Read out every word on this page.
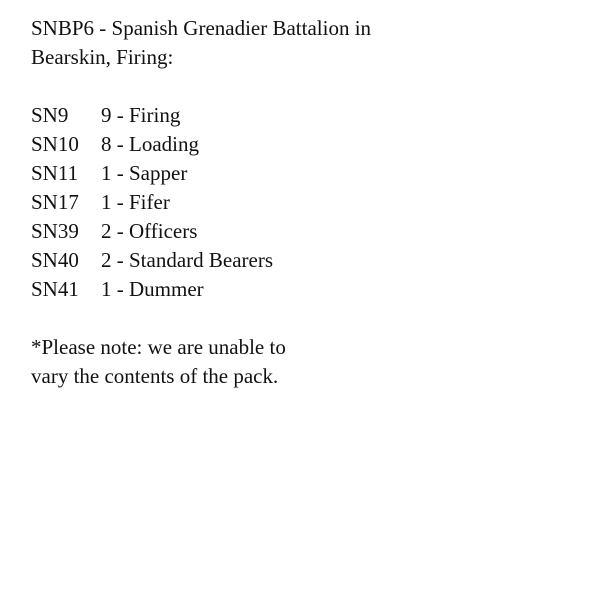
SNBP6 - Spanish Grenadier Battalion in
Bearskin, Firing:
SN9	9 - Firing
SN10	8 - Loading
SN11	1 - Sapper
SN17	1 - Fifer
SN39	2 - Officers
SN40	2 - Standard Bearers
SN41	1 - Dummer
*Please note: we are unable to
vary the contents of the pack.
